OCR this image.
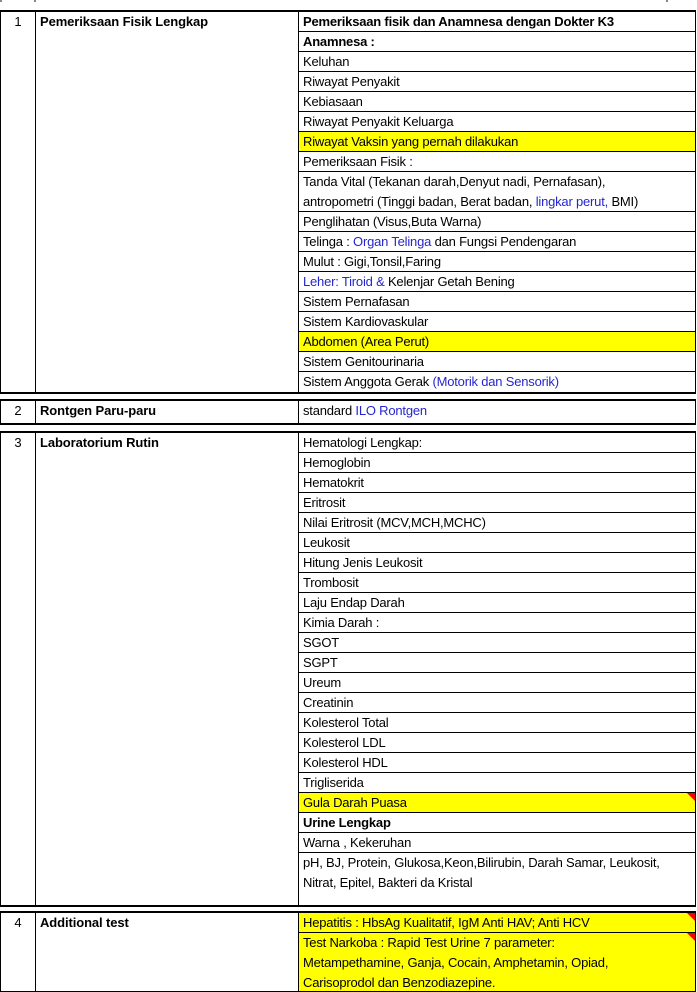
1	Pemeriksaan Fisik Lengkap	Pemeriksaan fisik dan Anamnesa dengan Dokter K3
Anamnesa :
Keluhan
Riwayat Penyakit
Kebiasaan
Riwayat Penyakit Keluarga
Riwayat Vaksin yang pernah dilakukan
Pemeriksaan Fisik :
Tanda Vital (Tekanan darah,Denyut nadi, Pernafasan),
antropometri (Tinggi badan, Berat badan, lingkar perut, BMI)
Penglihatan (Visus,Buta Warna)
Telinga : Organ Telinga dan Fungsi Pendengaran
Mulut : Gigi,Tonsil,Faring
Leher: Tiroid & Kelenjar Getah Bening
Sistem Pernafasan
Sistem Kardiovaskular
Abdomen (Area Perut)
Sistem Genitourinaria
Sistem Anggota Gerak (Motorik dan Sensorik)
2	Rontgen Paru-paru	standard ILO Rontgen
3	Laboratorium Rutin	Hematologi Lengkap:
Hemoglobin
Hematokrit
Eritrosit
Nilai Eritrosit (MCV,MCH,MCHC)
Leukosit
Hitung Jenis Leukosit
Trombosit
Laju Endap Darah
Kimia Darah :
SGOT
SGPT
Ureum
Creatinin
Kolesterol Total
Kolesterol LDL
Kolesterol HDL
Trigliserida
Gula Darah Puasa
Urine Lengkap
Warna , Kekeruhan
pH, BJ, Protein, Glukosa,Keon,Bilirubin, Darah Samar, Leukosit,
Nitrat, Epitel, Bakteri da Kristal
4	Additional test	Hepatitis : HbsAg Kualitatif, IgM Anti HAV; Anti HCV
Test Narkoba : Rapid Test Urine 7 parameter:
Metampethamine, Ganja, Cocain, Amphetamin, Opiad,
Carisoprodol dan Benzodiazepine.
